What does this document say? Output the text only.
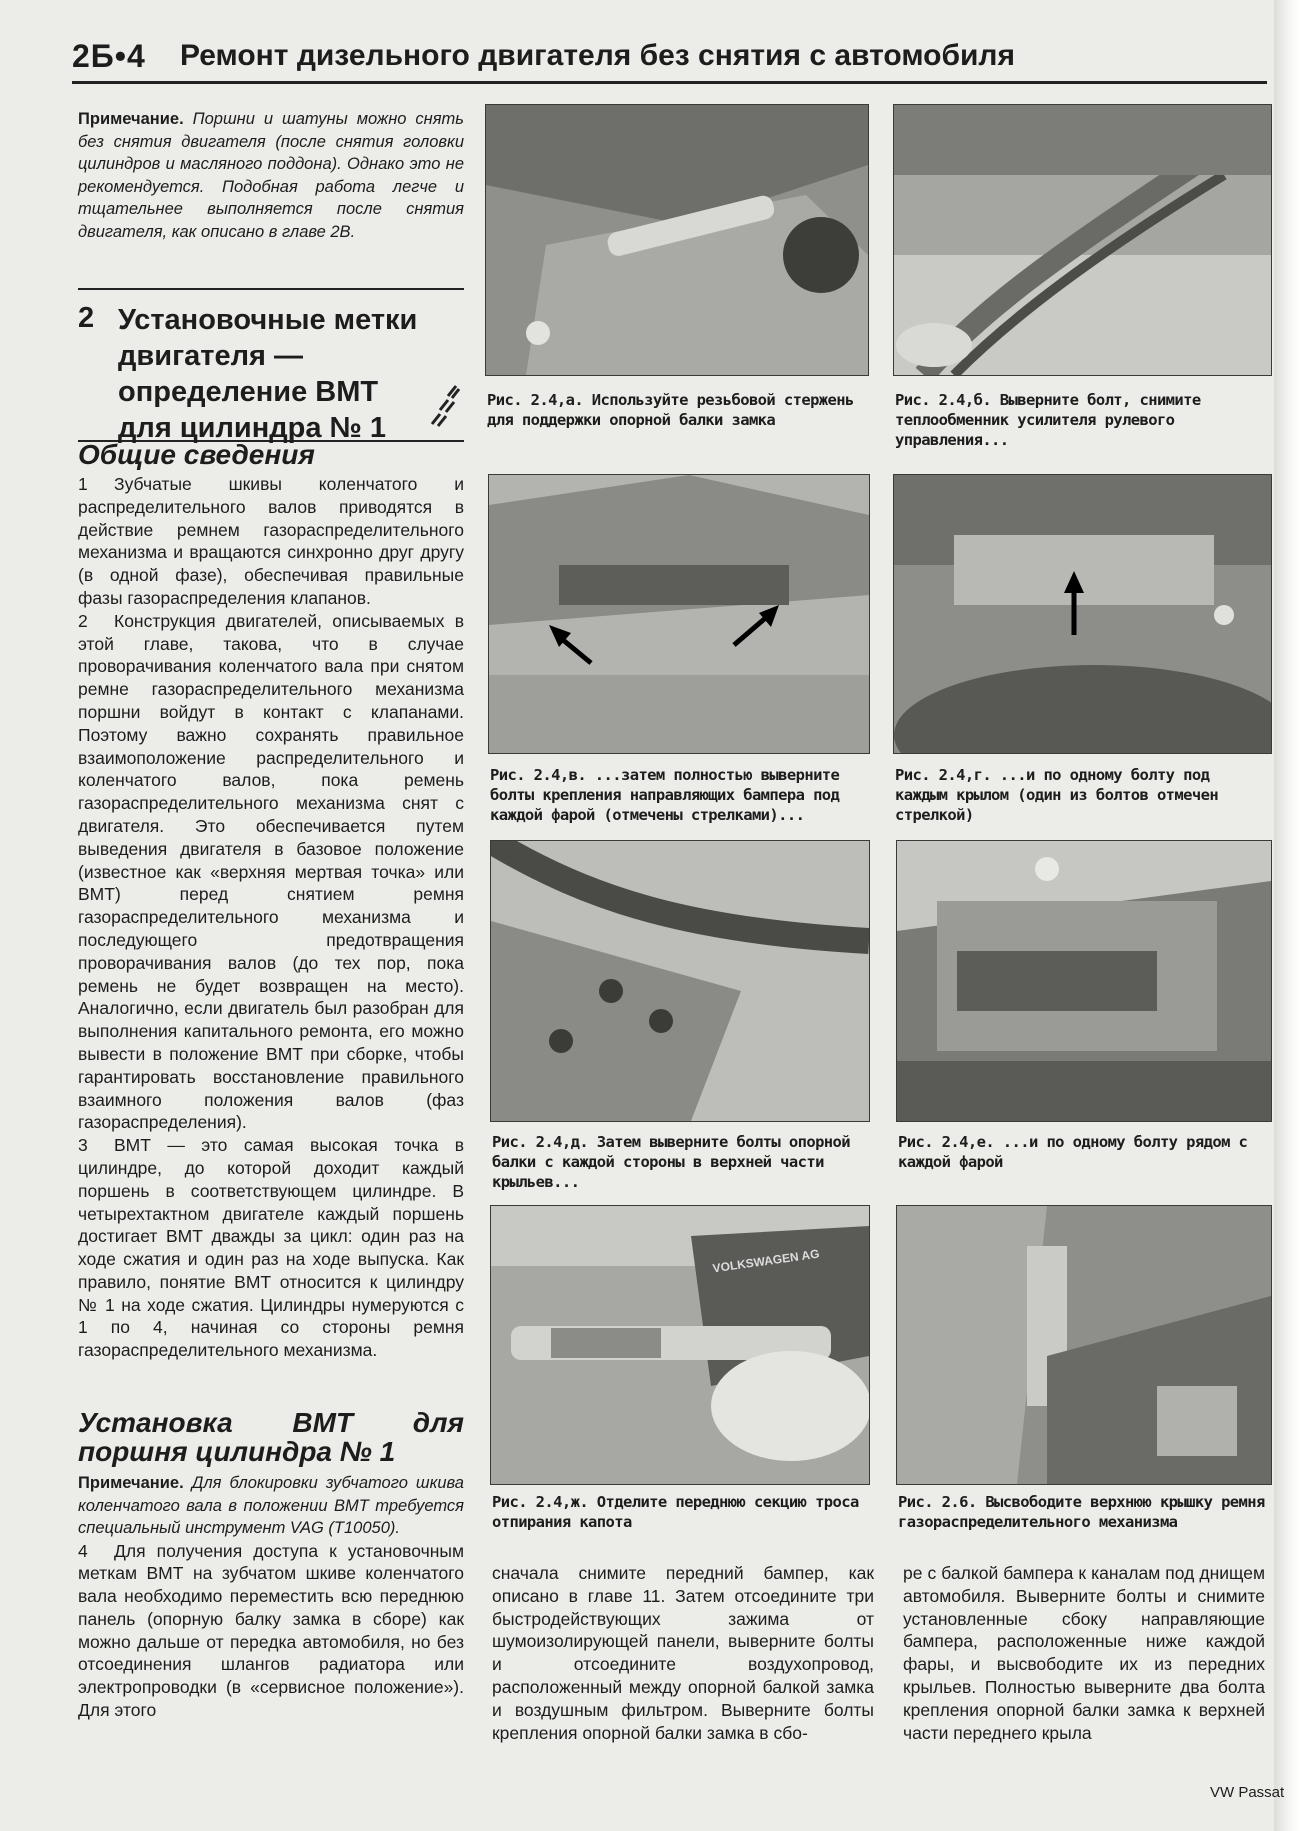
2Б•4 Ремонт дизельного двигателя без снятия с автомобиля

Примечание. Поршни и шатуны можно снять без снятия двигателя (после снятия головки цилиндров и масляного поддона). Однако это не рекомендуется. Подобная работа легче и тщательнее выполняется после снятия двигателя, как описано в главе 2В.

2 Установочные метки двигателя — определение ВМТ для цилиндра № 1

Общие сведения

1 Зубчатые шкивы коленчатого и распределительного валов приводятся в действие ремнем газораспределительного механизма и вращаются синхронно друг другу (в одной фазе), обеспечивая правильные фазы газораспределения клапанов.

2 Конструкция двигателей, описываемых в этой главе, такова, что в случае проворачивания коленчатого вала при снятом ремне газораспределительного механизма поршни войдут в контакт с клапанами. Поэтому важно сохранять правильное взаимоположение распределительного и коленчатого валов, пока ремень газораспределительного механизма снят с двигателя. Это обеспечивается путем выведения двигателя в базовое положение (известное как «верхняя мертвая точка» или ВМТ) перед снятием ремня газораспределительного механизма и последующего предотвращения проворачивания валов (до тех пор, пока ремень не будет возвращен на место). Аналогично, если двигатель был разобран для выполнения капитального ремонта, его можно вывести в положение ВМТ при сборке, чтобы гарантировать восстановление правильного взаимного положения валов (фаз газораспределения).

3 ВМТ — это самая высокая точка в цилиндре, до которой доходит каждый поршень в соответствующем цилиндре. В четырехтактном двигателе каждый поршень достигает ВМТ дважды за цикл: один раз на ходе сжатия и один раз на ходе выпуска. Как правило, понятие ВМТ относится к цилиндру № 1 на ходе сжатия. Цилиндры нумеруются с 1 по 4, начиная со стороны ремня газораспределительного механизма.

Установка ВМТ для поршня цилиндра № 1

Примечание. Для блокировки зубчатого шкива коленчатого вала в положении ВМТ требуется специальный инструмент VAG (T10050).

4 Для получения доступа к установочным меткам ВМТ на зубчатом шкиве коленчатого вала необходимо переместить всю переднюю панель (опорную балку замка в сборе) как можно дальше от передка автомобиля, но без отсоединения шлангов радиатора или электропроводки (в «сервисное положение»). Для этого

сначала снимите передний бампер, как описано в главе 11. Затем отсоедините три быстродействующих зажима от шумоизолирующей панели, выверните болты и отсоедините воздухопровод, расположенный между опорной балкой замка и воздушным фильтром. Выверните болты крепления опорной балки замка в сбо-

ре с балкой бампера к каналам под днищем автомобиля. Выверните болты и снимите установленные сбоку направляющие бампера, расположенные ниже каждой фары, и высвободите их из передних крыльев. Полностью выверните два болта крепления опорной балки замка к верхней части переднего крыла

Рис. 2.4,а. Используйте резьбовой стержень для поддержки опорной балки замка
Рис. 2.4,б. Выверните болт, снимите теплообменник усилителя рулевого управления...
Рис. 2.4,в. ...затем полностью выверните болты крепления направляющих бампера под каждой фарой (отмечены стрелками)...
Рис. 2.4,г. ...и по одному болту под каждым крылом (один из болтов отмечен стрелкой)
Рис. 2.4,д. Затем выверните болты опорной балки с каждой стороны в верхней части крыльев...
Рис. 2.4,е. ...и по одному болту рядом с каждой фарой
VOLKSWAGEN AG
Рис. 2.4,ж. Отделите переднюю секцию троса отпирания капота
Рис. 2.6. Высвободите верхнюю крышку ремня газораспределительного механизма
VW Passat
